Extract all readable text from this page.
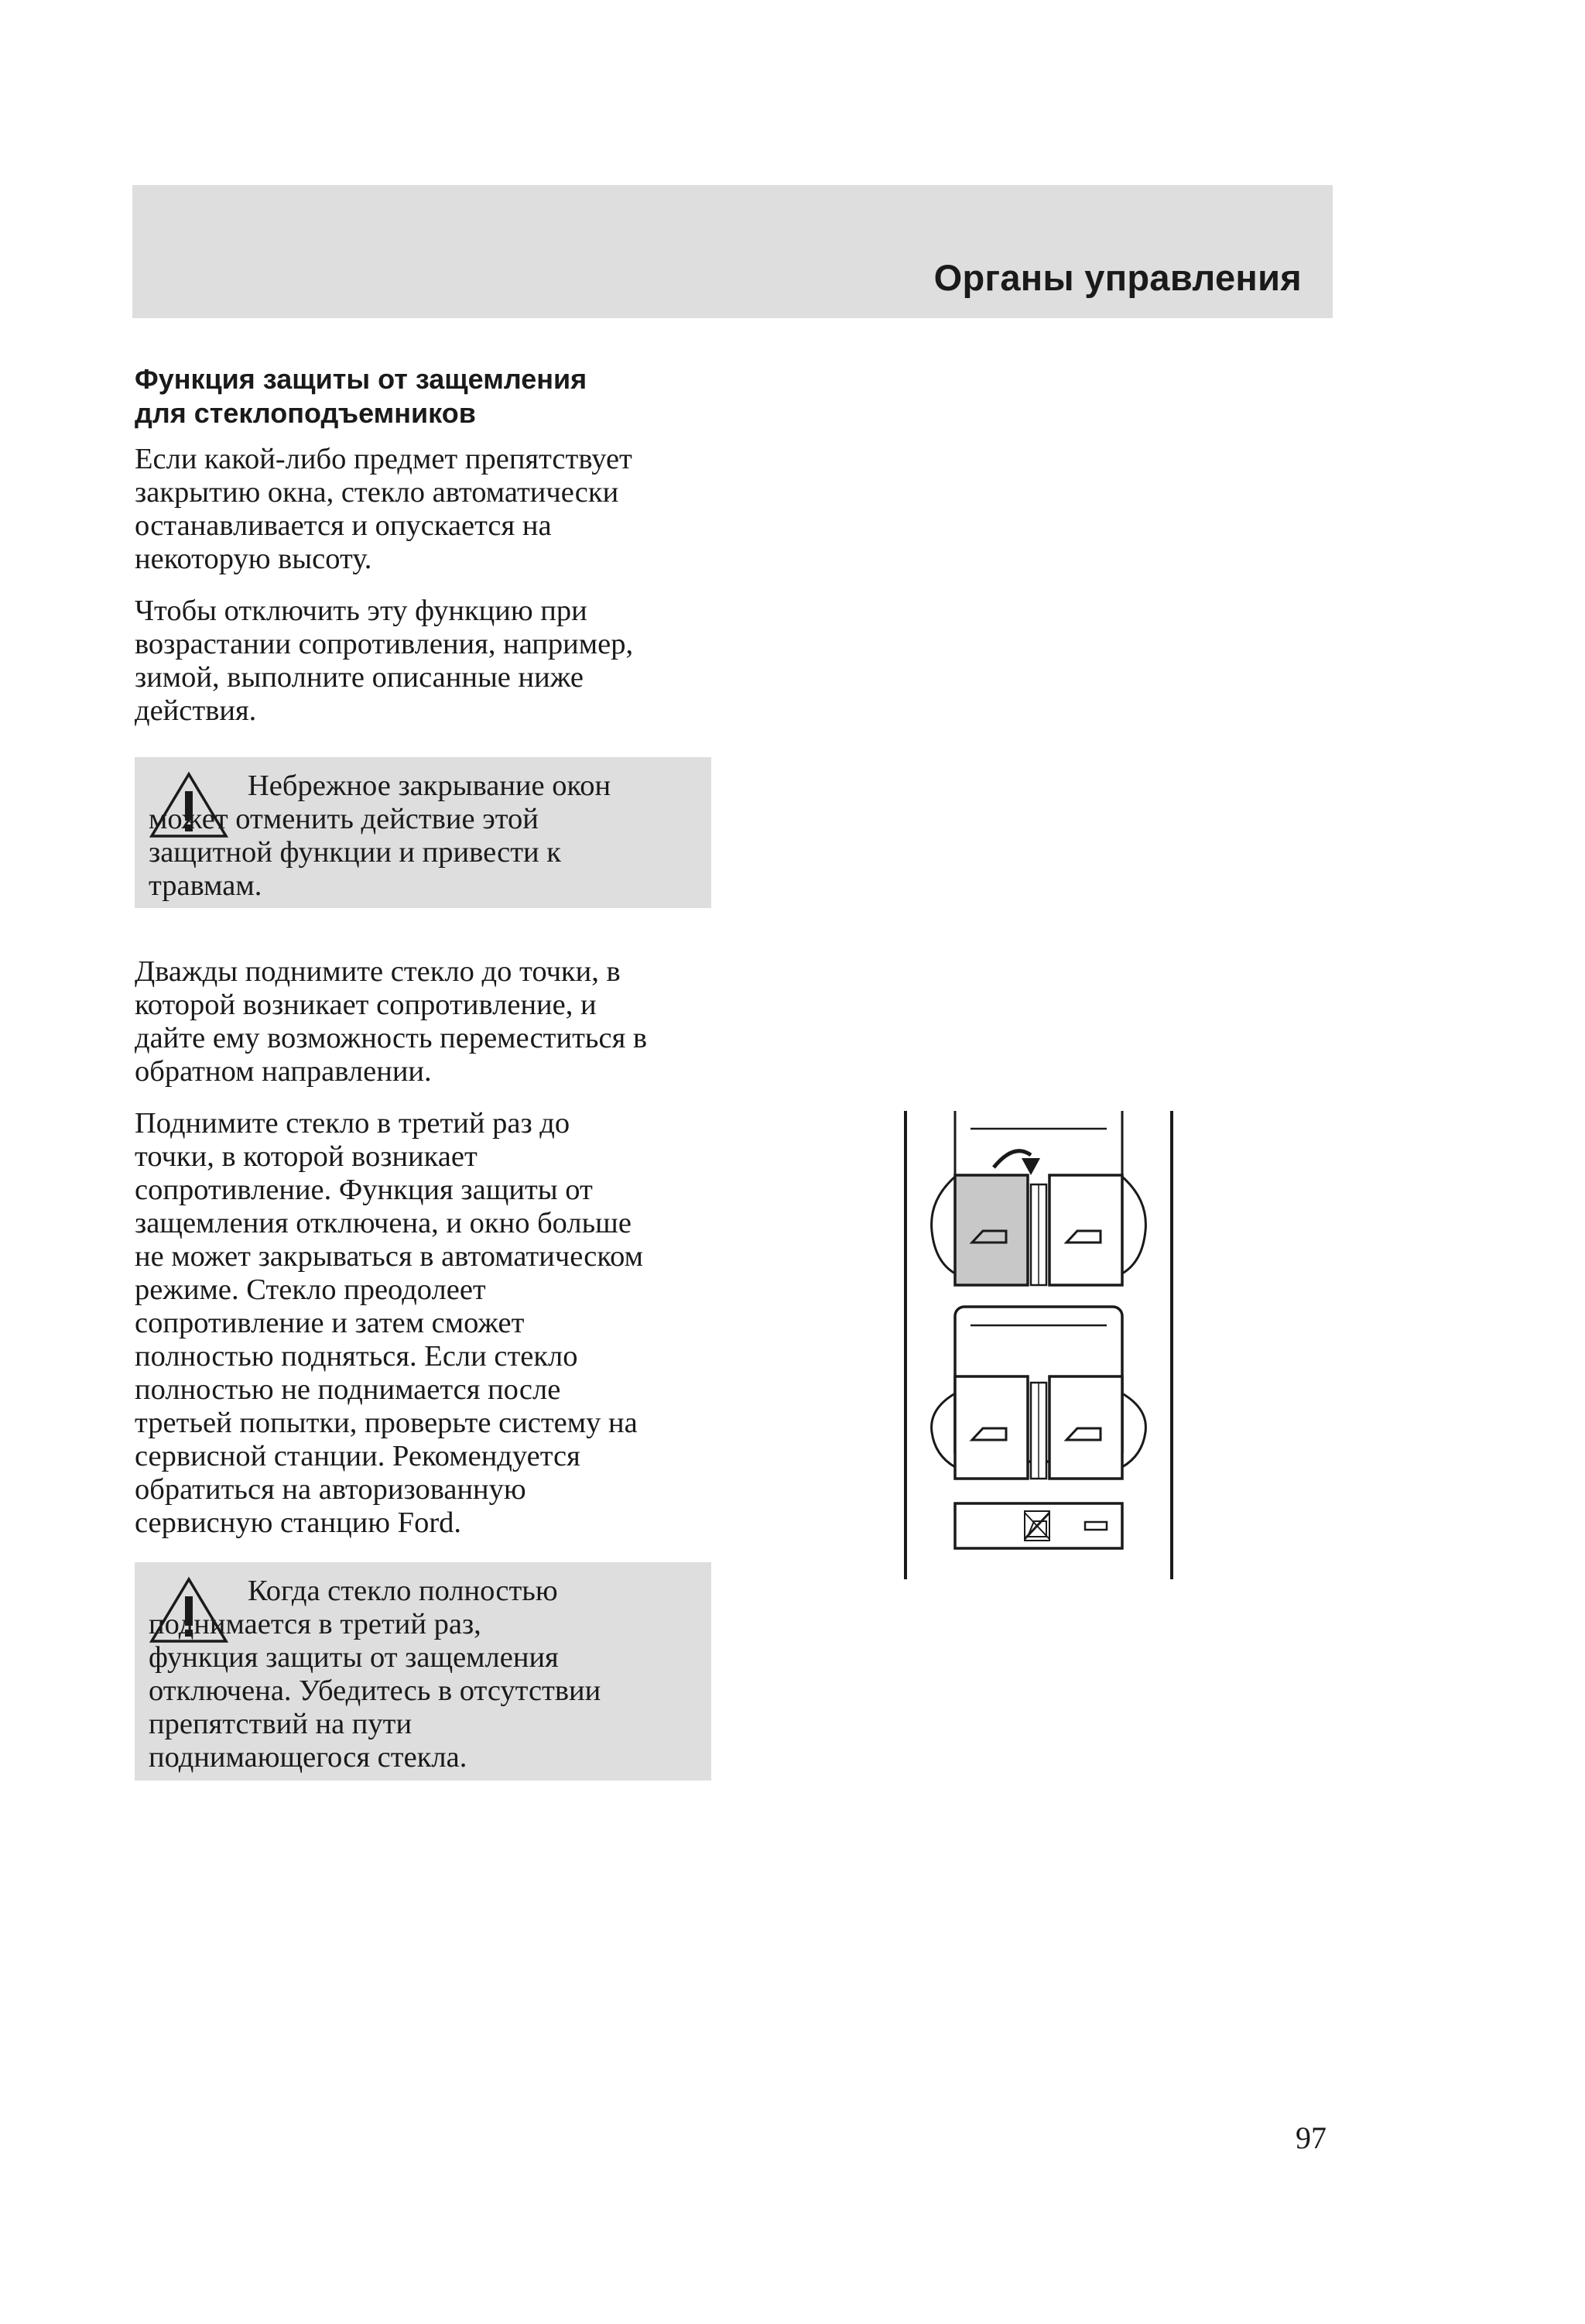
Органы управления
Функция защиты от защемления
для стеклоподъемников
Если какой-либо предмет препятствует
закрытию окна, стекло автоматически
останавливается и опускается на
некоторую высоту.
Чтобы отключить эту функцию при
возрастании сопротивления, например,
зимой, выполните описанные ниже
действия.
Небрежное закрывание окон
может отменить действие этой
защитной функции и привести к
травмам.
Дважды поднимите стекло до точки, в
которой возникает сопротивление, и
дайте ему возможность переместиться в
обратном направлении.
Поднимите стекло в третий раз до
точки, в которой возникает
сопротивление. Функция защиты от
защемления отключена, и окно больше
не может закрываться в автоматическом
режиме. Стекло преодолеет
сопротивление и затем сможет
полностью подняться. Если стекло
полностью не поднимается после
третьей попытки, проверьте систему на
сервисной станции. Рекомендуется
обратиться на авторизованную
сервисную станцию Ford.
Когда стекло полностью
поднимается в третий раз,
функция защиты от защемления
отключена. Убедитесь в отсутствии
препятствий на пути
поднимающегося стекла.
97
